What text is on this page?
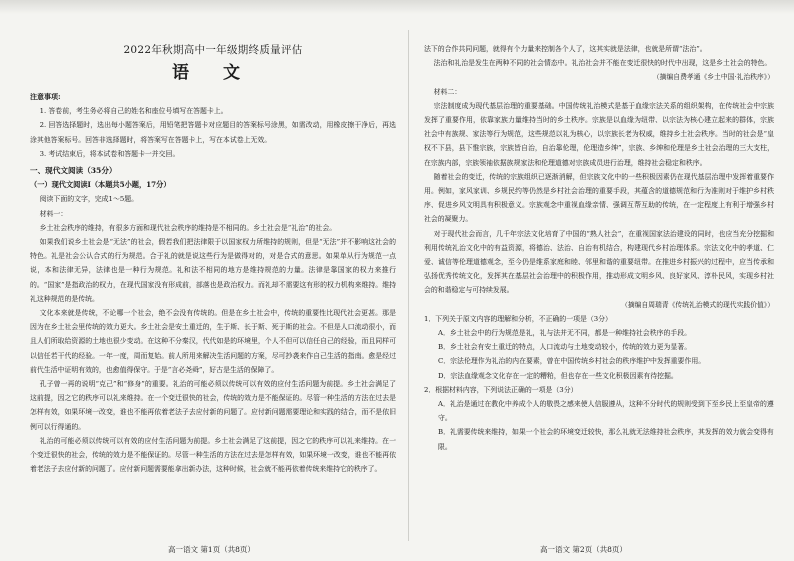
2022年秋期高中一年级期终质量评估
语 文
注意事项:

1. 答卷前，考生务必将自己的姓名和座位号填写在答题卡上。

2. 回答选择题时，选出每小题答案后，用铅笔把答题卡对应题目的答案标号涂黑，如需改动，用橡皮擦干净后，再选涂其他答案标号。回答非选择题时，将答案写在答题卡上，写在本试卷上无效。

3. 考试结束后，将本试卷和答题卡一并交回。

一、现代文阅读（35分）
（一）现代文阅读Ⅰ（本题共5小题，17分）

阅读下面的文字，完成1～5题。

材料一：

乡土社会秩序的维持，有很多方面和现代社会秩序的维持是不相同的。乡土社会是“礼治”的社会。

如果我们说乡土社会是“无法”的社会，假若我们把法律限于以国家权力所维持的规则，但是“无法”并不影响这社会的特色。礼是社会公认合式的行为规范。合于礼的就是说这些行为是做得对的，对是合式的意思。如果单从行为规范一点说，本和法律无异，法律也是一种行为规范。礼和法不相同的地方是维持规范的力量。法律是靠国家的权力来推行的。“国家”是指政治的权力，在现代国家没有形成前，部落也是政治权力。而礼却不需要这有形的权力机构来维持。维持礼这种规范的是传统。

文化本来就是传统，不论哪一个社会，绝不会没有传统的。但是在乡土社会中，传统的重要性比现代社会更甚。那是因为在乡土社会里传统的效力更大。乡土社会是安土重迁的，生于斯、长于斯、死于斯的社会。不但是人口流动很小，而且人们所取给资源的土地也很少变动。在这种不分秦汉，代代如是的环境里，个人不但可以信任自己的经验，而且同样可以信任若干代的经验。一年一度，周而复始。前人所用来解决生活问题的方案，尽可抄袭来作自己生活的指南。愈是经过前代生活中证明有效的，也愈值得保守。于是“言必尧舜”，好古是生活的保障了。

孔子曾一再的说明“克己”和“修身”的重要。礼治的可能必须以传统可以有效的应付生活问题为前提。乡土社会满足了这前提，因之它的秩序可以礼来维持。在一个变迁很快的社会，传统的效力是不能保证的。尽管一种生活的方法在过去是怎样有效，如果环境一改变，谁也不能再依着老法子去应付新的问题了。应付新问题需要理论和实践的结合，而不是依旧例可以行得通的。

礼治的可能必须以传统可以有效的应付生活问题为前提。乡土社会满足了这前提，因之它的秩序可以礼来维持。在一个变迁很快的社会，传统的效力是不能保证的。尽管一种生活的方法在过去是怎样有效，如果环境一改变，谁也不能再依着老法子去应付新的问题了。应付新问题需要能拿出新办法，这种时候，社会就不能再依着传统来维持它的秩序了。

法下的合作共同问题，就得有个力量来控制各个人了，这其实就是法律，也就是所谓“法治”。

法治和礼治是发生在两种不同的社会情态中。礼治社会并不能在变迁很快的时代中出现，这是乡土社会的特色。

（摘编自费孝通《乡土中国·礼治秩序》）

材料二：

宗法制度成为现代基层治理的重要基础。中国传统礼治模式是基于血缘宗法关系的组织架构，在传统社会中宗族发挥了重要作用，依靠家族力量维持当时的乡土秩序。宗族是以血缘为纽带、以宗法为核心建立起来的群体，宗族社会中有族规、家法等行为规范，这些规范以礼为核心，以宗族长老为权威，维持乡土社会秩序。当时的社会是“皇权不下县，县下惟宗族，宗族皆自治，自治靠伦理，伦理造乡绅”，宗族、乡绅和伦理是乡土社会治理的三大支柱，在宗族内部，宗族领袖依据族规家法和伦理道德对宗族成员进行治理，维持社会稳定和秩序。

随着社会的变迁，传统的宗族组织已逐渐消解，但宗族文化中的一些积极因素仍在现代基层治理中发挥着重要作用。例如，家风家训、乡规民约等仍然是乡村社会治理的重要手段，其蕴含的道德规范和行为准则对于维护乡村秩序、促进乡风文明具有积极意义。宗族观念中重视血缘亲情、强调互帮互助的传统，在一定程度上有利于增强乡村社会的凝聚力。

对于现代社会而言，几千年宗法文化培育了中国的“熟人社会”，在重视国家法治建设的同时，也应当充分挖掘和利用传统礼治文化中的有益资源，将德治、法治、自治有机结合，构建现代乡村治理体系。宗法文化中的孝道、仁爱、诚信等伦理道德观念，至今仍是维系家庭和睦、邻里和谐的重要纽带。在推进乡村振兴的过程中，应当传承和弘扬优秀传统文化，发挥其在基层社会治理中的积极作用，推动形成文明乡风、良好家风、淳朴民风，实现乡村社会的和谐稳定与可持续发展。

（摘编自周瑞青《传统礼治模式的现代实践价值》）

1．下列关于原文内容的理解和分析，不正确的一项是（3分）

A．乡土社会中的行为规范是礼，礼与法并无不同，都是一种维持社会秩序的手段。

B．乡土社会有安土重迁的特点，人口流动与土地变动较小，传统的效力更为显著。

C．宗法伦理作为礼治的内在要素，曾在中国传统乡村社会的秩序维护中发挥重要作用。

D．宗法血缘观念文化存在一定的糟粕，但也存在一些文化积极因素有待挖掘。

2．根据材料内容，下列说法正确的一项是（3分）

A．礼治是通过在教化中养成个人的敬畏之感来使人信服遵从，这种不分时代的规则受到下至乡民上至皇帝的遵守。

B．礼需要传统来维持，如果一个社会的环境变迁较快，那么礼就无法维持社会秩序，其发挥的效力就会变得有限。

高一语文 第1页（共8页）	高一语文 第2页（共8页）
